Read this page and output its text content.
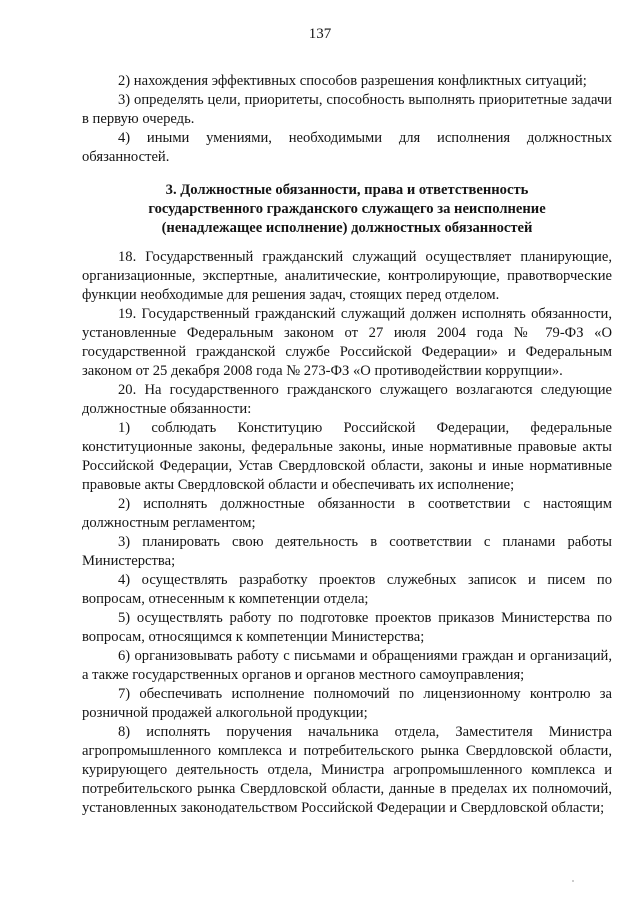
137

2) нахождения эффективных способов разрешения конфликтных ситуаций;

3) определять цели, приоритеты, способность выполнять приоритетные задачи в первую очередь.

4) иными умениями, необходимыми для исполнения должностных обязанностей.

3. Должностные обязанности, права и ответственность
государственного гражданского служащего за неисполнение
(ненадлежащее исполнение) должностных обязанностей

18. Государственный гражданский служащий осуществляет планирующие, организационные, экспертные, аналитические, контролирующие, правотворческие функции необходимые для решения задач, стоящих перед отделом.

19. Государственный гражданский служащий должен исполнять обязанности, установленные Федеральным законом от 27 июля 2004 года № 79-ФЗ «О государственной гражданской службе Российской Федерации» и Федеральным законом от 25 декабря 2008 года № 273-ФЗ «О противодействии коррупции».

20. На государственного гражданского служащего возлагаются следующие должностные обязанности:

1) соблюдать Конституцию Российской Федерации, федеральные конституционные законы, федеральные законы, иные нормативные правовые акты Российской Федерации, Устав Свердловской области, законы и иные нормативные правовые акты Свердловской области и обеспечивать их исполнение;

2) исполнять должностные обязанности в соответствии с настоящим должностным регламентом;

3) планировать свою деятельность в соответствии с планами работы Министерства;

4) осуществлять разработку проектов служебных записок и писем по вопросам, отнесенным к компетенции отдела;

5) осуществлять работу по подготовке проектов приказов Министерства по вопросам, относящимся к компетенции Министерства;

6) организовывать работу с письмами и обращениями граждан и организаций, а также государственных органов и органов местного самоуправления;

7) обеспечивать исполнение полномочий по лицензионному контролю за розничной продажей алкогольной продукции;

8) исполнять поручения начальника отдела, Заместителя Министра агропромышленного комплекса и потребительского рынка Свердловской области, курирующего деятельность отдела, Министра агропромышленного комплекса и потребительского рынка Свердловской области, данные в пределах их полномочий, установленных законодательством Российской Федерации и Свердловской области;
